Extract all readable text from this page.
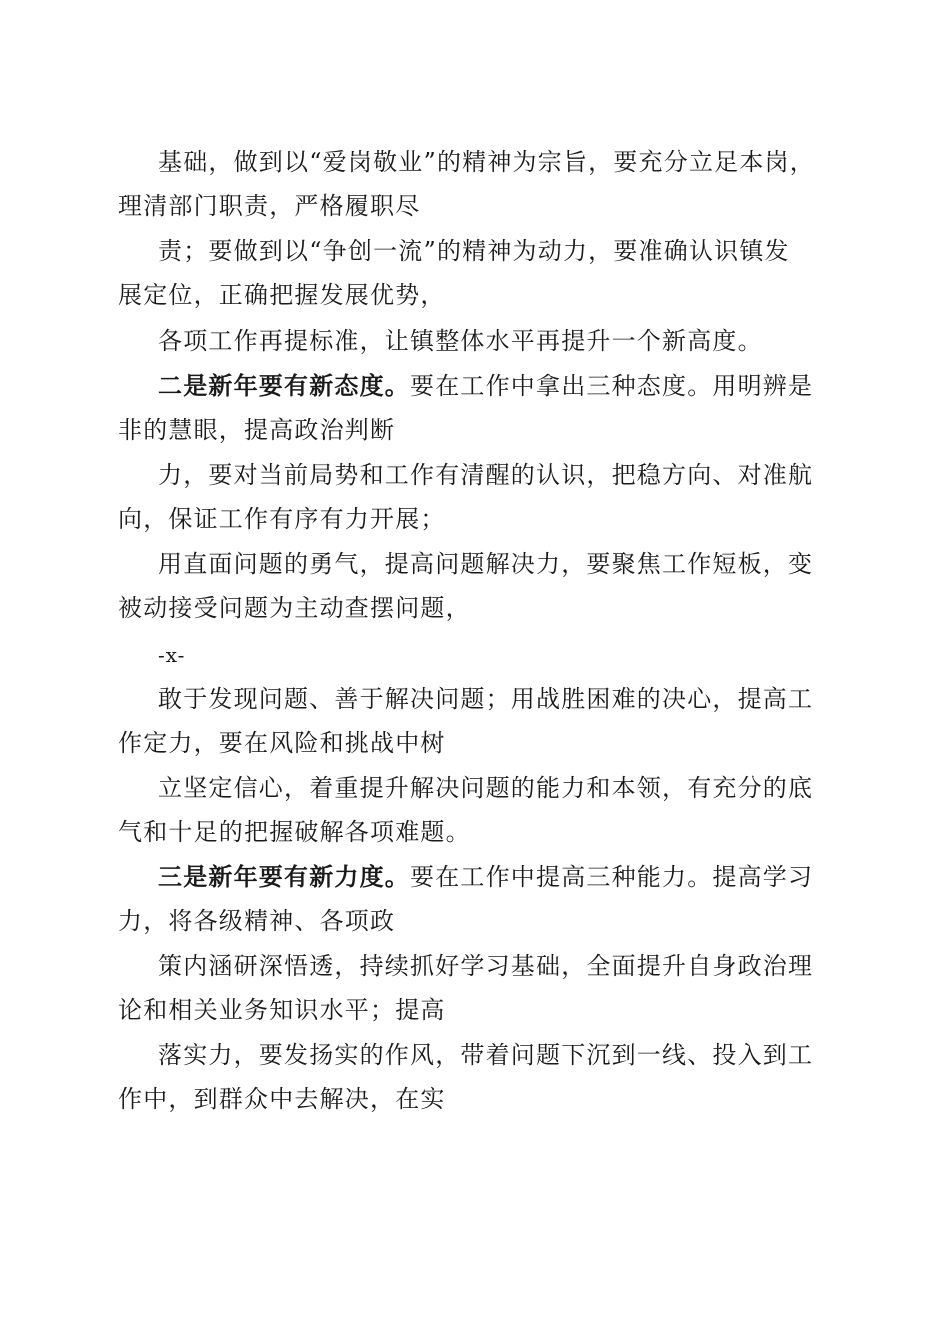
基础，做到以“爱岗敬业”的精神为宗旨，要充分立足本岗，
理清部门职责，严格履职尽

责；要做到以“争创一流”的精神为动力，要准确认识镇发
展定位，正确把握发展优势，

各项工作再提标准，让镇整体水平再提升一个新高度。

二是新年要有新态度。要在工作中拿出三种态度。用明辨是
非的慧眼，提高政治判断

力，要对当前局势和工作有清醒的认识，把稳方向、对准航
向，保证工作有序有力开展；

用直面问题的勇气，提高问题解决力，要聚焦工作短板，变
被动接受问题为主动查摆问题，

-x-

敢于发现问题、善于解决问题；用战胜困难的决心，提高工
作定力，要在风险和挑战中树

立坚定信心，着重提升解决问题的能力和本领，有充分的底
气和十足的把握破解各项难题。

三是新年要有新力度。要在工作中提高三种能力。提高学习
力，将各级精神、各项政

策内涵研深悟透，持续抓好学习基础，全面提升自身政治理
论和相关业务知识水平；提高

落实力，要发扬实的作风，带着问题下沉到一线、投入到工
作中，到群众中去解决，在实
